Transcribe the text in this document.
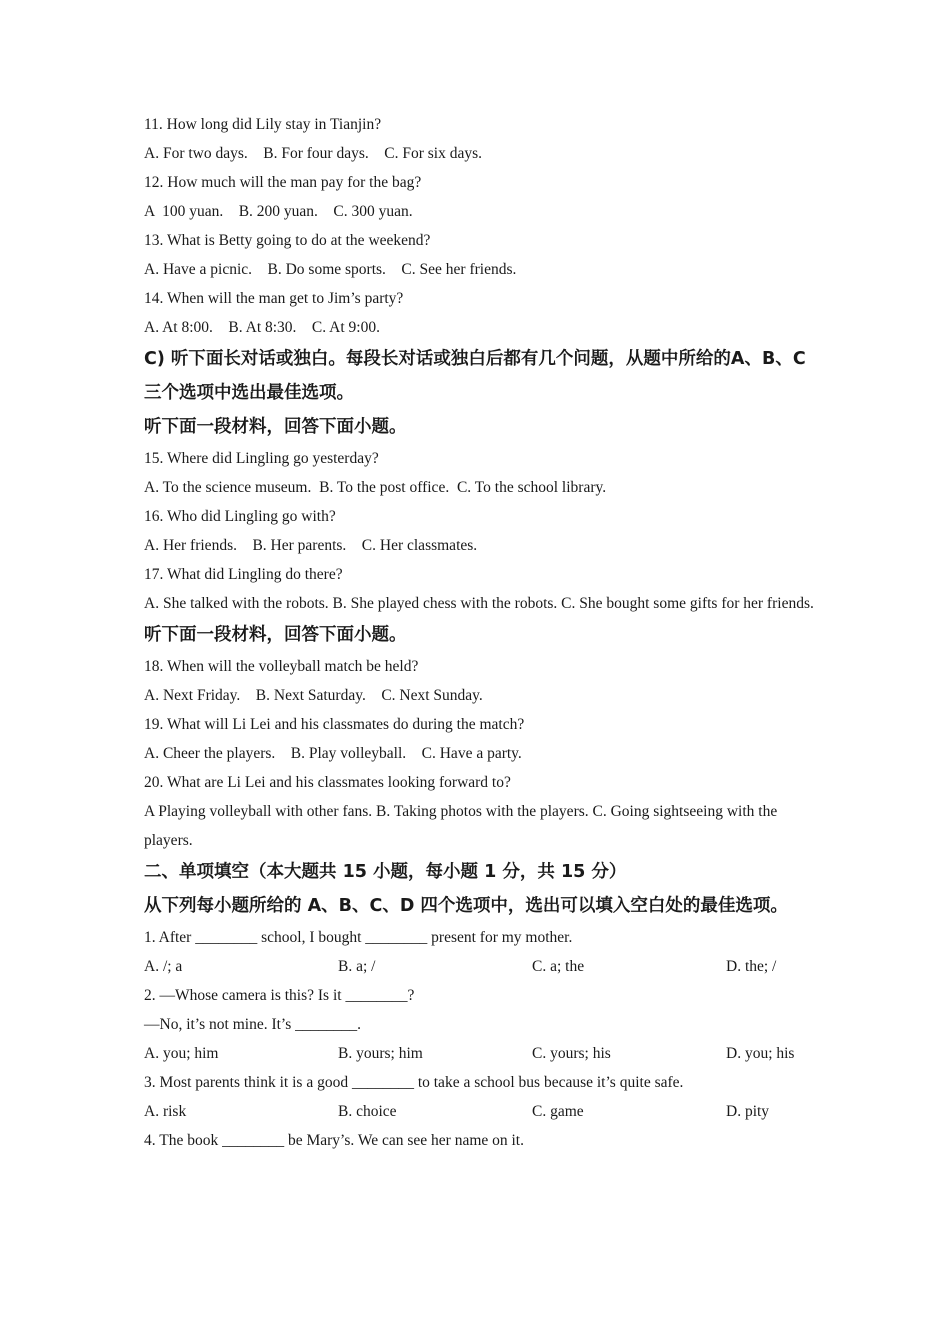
11. How long did Lily stay in Tianjin?
A. For two days.    B. For four days.    C. For six days.
12. How much will the man pay for the bag?
A  100 yuan.    B. 200 yuan.    C. 300 yuan.
13. What is Betty going to do at the weekend?
A. Have a picnic.    B. Do some sports.    C. See her friends.
14. When will the man get to Jim’s party?
A. At 8:00.    B. At 8:30.    C. At 9:00.
C) 听下面长对话或独白。每段长对话或独白后都有几个问题，从题中所给的A、B、C 三个选项中选出最佳选项。
听下面一段材料，回答下面小题。
15. Where did Lingling go yesterday?
A. To the science museum.  B. To the post office.  C. To the school library.
16. Who did Lingling go with?
A. Her friends.    B. Her parents.    C. Her classmates.
17. What did Lingling do there?
A. She talked with the robots. B. She played chess with the robots. C. She bought some gifts for her friends.
听下面一段材料，回答下面小题。
18. When will the volleyball match be held?
A. Next Friday.    B. Next Saturday.    C. Next Sunday.
19. What will Li Lei and his classmates do during the match?
A. Cheer the players.    B. Play volleyball.    C. Have a party.
20. What are Li Lei and his classmates looking forward to?
A Playing volleyball with other fans. B. Taking photos with the players. C. Going sightseeing with the players.
二、单项填空（本大题共 15 小题，每小题 1 分，共 15 分）
从下列每小题所给的 A、B、C、D 四个选项中，选出可以填入空白处的最佳选项。
1. After ________ school, I bought ________ present for my mother.
A. /; a	B. a; /	C. a; the	D. the; /
2. —Whose camera is this? Is it ________?
—No, it’s not mine. It’s ________.
A. you; him	B. yours; him	C. yours; his	D. you; his
3. Most parents think it is a good ________ to take a school bus because it’s quite safe.
A. risk	B. choice	C. game	D. pity
4. The book ________ be Mary’s. We can see her name on it.
